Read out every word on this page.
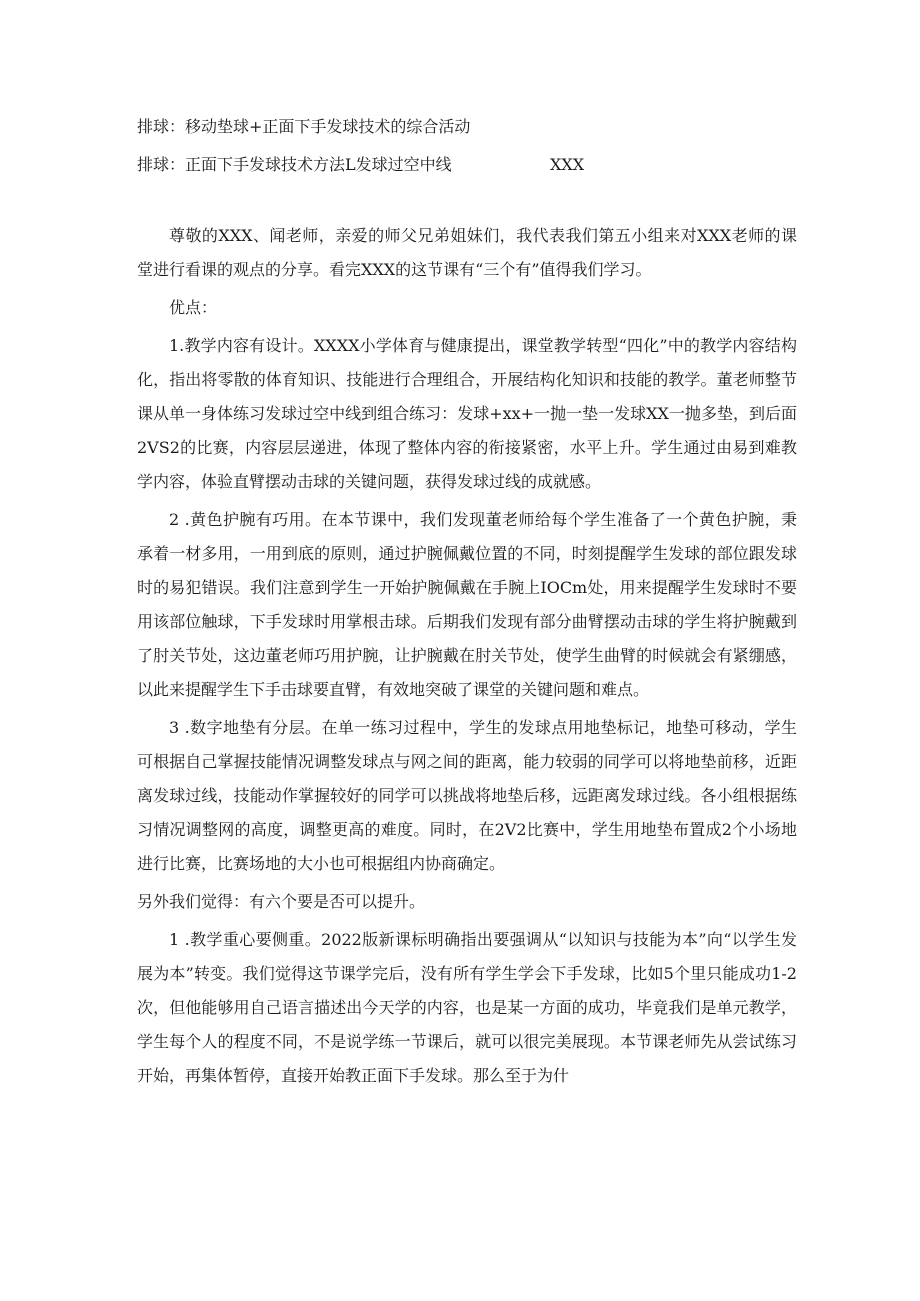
排球：移动垫球+正面下手发球技术的综合活动
排球：正面下手发球技术方法L发球过空中线	XXX

尊敬的XXX、闻老师，亲爱的师父兄弟姐妹们，我代表我们第五小组来对XXX老师的课堂进行看课的观点的分享。看完XXX的这节课有“三个有”值得我们学习。

优点：

1.教学内容有设计。XXXX小学体育与健康提出，课堂教学转型“四化”中的教学内容结构化，指出将零散的体育知识、技能进行合理组合，开展结构化知识和技能的教学。董老师整节课从单一身体练习发球过空中线到组合练习：发球+xx+一抛一垫一发球XX一抛多垫，到后面2VS2的比赛，内容层层递进，体现了整体内容的衔接紧密，水平上升。学生通过由易到难教学内容，体验直臂摆动击球的关键问题，获得发球过线的成就感。

2 .黄色护腕有巧用。在本节课中，我们发现董老师给每个学生准备了一个黄色护腕，秉承着一材多用，一用到底的原则，通过护腕佩戴位置的不同，时刻提醒学生发球的部位跟发球时的易犯错误。我们注意到学生一开始护腕佩戴在手腕上IOCm处，用来提醒学生发球时不要用该部位触球，下手发球时用掌根击球。后期我们发现有部分曲臂摆动击球的学生将护腕戴到了肘关节处，这边董老师巧用护腕，让护腕戴在肘关节处，使学生曲臂的时候就会有紧绷感，以此来提醒学生下手击球要直臂，有效地突破了课堂的关键问题和难点。

3 .数字地垫有分层。在单一练习过程中，学生的发球点用地垫标记，地垫可移动，学生可根据自己掌握技能情况调整发球点与网之间的距离，能力较弱的同学可以将地垫前移，近距离发球过线，技能动作掌握较好的同学可以挑战将地垫后移，远距离发球过线。各小组根据练习情况调整网的高度，调整更高的难度。同时，在2V2比赛中，学生用地垫布置成2个小场地进行比赛，比赛场地的大小也可根据组内协商确定。

另外我们觉得：有六个要是否可以提升。

1 .教学重心要侧重。2022版新课标明确指出要强调从“以知识与技能为本”向“以学生发展为本”转变。我们觉得这节课学完后，没有所有学生学会下手发球，比如5个里只能成功1-2次，但他能够用自己语言描述出今天学的内容，也是某一方面的成功，毕竟我们是单元教学，学生每个人的程度不同，不是说学练一节课后，就可以很完美展现。本节课老师先从尝试练习开始，再集体暂停，直接开始教正面下手发球。那么至于为什
